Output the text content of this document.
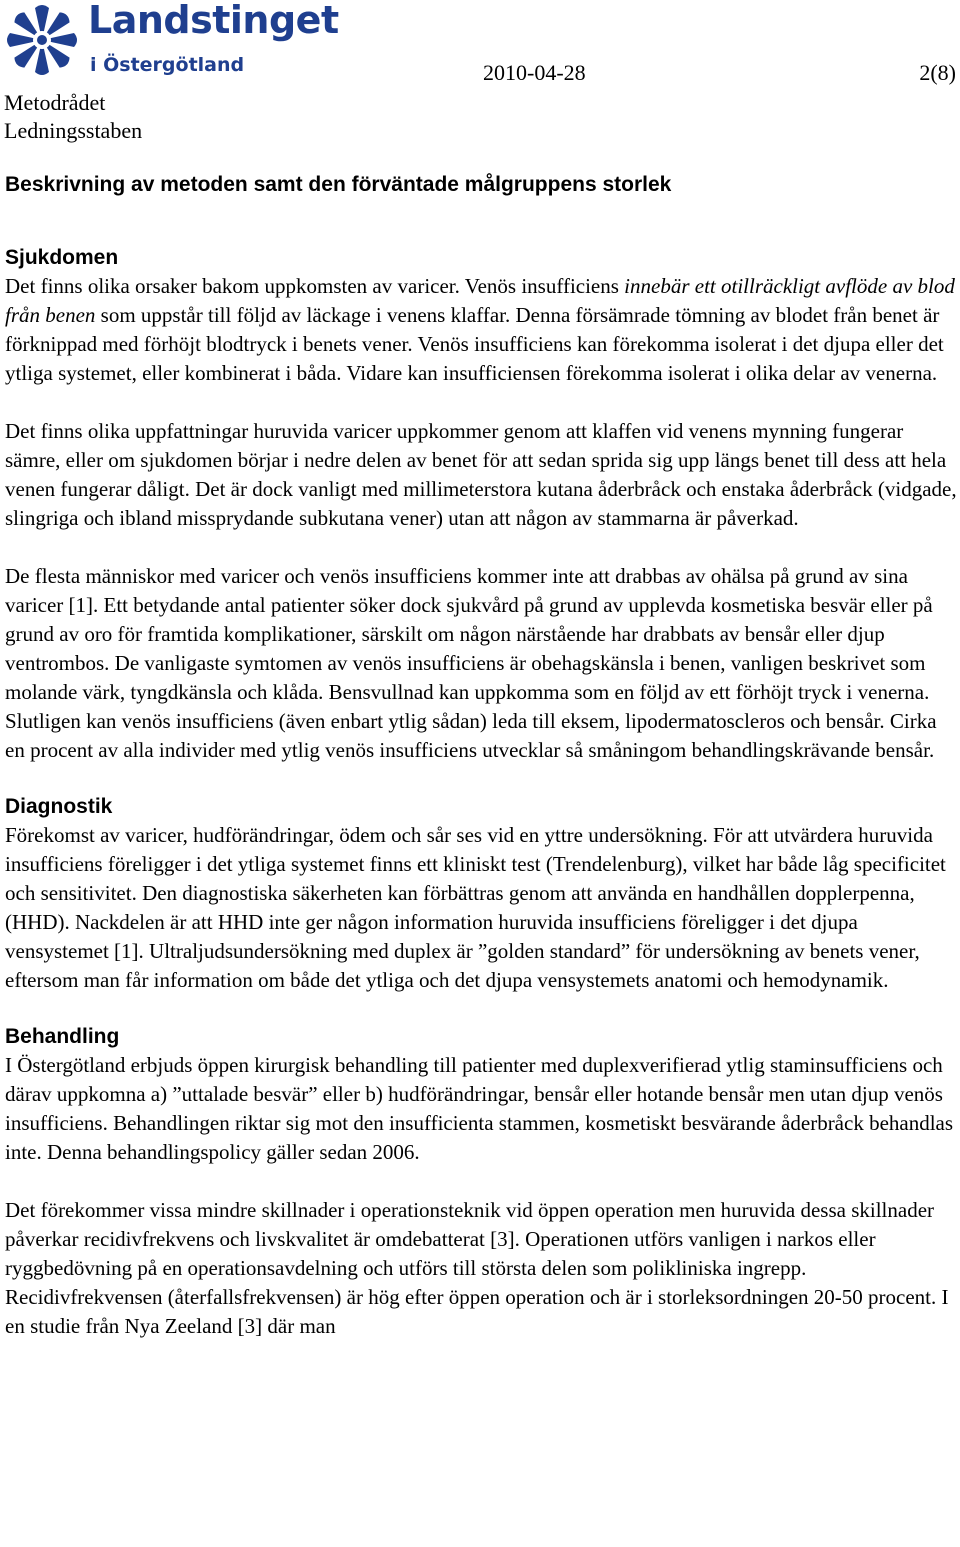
Landstinget
i Östergötland	2010-04-28	2(8)
Metodrådet
Ledningsstaben
Beskrivning av metoden samt den förväntade målgruppens storlek
Sjukdomen

Det finns olika orsaker bakom uppkomsten av varicer. Venös insufficiens innebär ett otillräckligt avflöde av blod från benen som uppstår till följd av läckage i venens klaffar. Denna försämrade tömning av blodet från benet är förknippad med förhöjt blodtryck i benets vener. Venös insufficiens kan förekomma isolerat i det djupa eller det ytliga systemet, eller kombinerat i båda. Vidare kan insufficiensen förekomma isolerat i olika delar av venerna.

Det finns olika uppfattningar huruvida varicer uppkommer genom att klaffen vid venens mynning fungerar sämre, eller om sjukdomen börjar i nedre delen av benet för att sedan sprida sig upp längs benet till dess att hela venen fungerar dåligt. Det är dock vanligt med millimeterstora kutana åderbråck och enstaka åderbråck (vidgade, slingriga och ibland missprydande subkutana vener) utan att någon av stammarna är påverkad.

De flesta människor med varicer och venös insufficiens kommer inte att drabbas av ohälsa på grund av sina varicer [1]. Ett betydande antal patienter söker dock sjukvård på grund av upplevda kosmetiska besvär eller på grund av oro för framtida komplikationer, särskilt om någon närstående har drabbats av bensår eller djup ventrombos. De vanligaste symtomen av venös insufficiens är obehagskänsla i benen, vanligen beskrivet som molande värk, tyngdkänsla och klåda. Bensvullnad kan uppkomma som en följd av ett förhöjt tryck i venerna. Slutligen kan venös insufficiens (även enbart ytlig sådan) leda till eksem, lipodermatoscleros och bensår. Cirka en procent av alla individer med ytlig venös insufficiens utvecklar så småningom behandlingskrävande bensår.

Diagnostik

Förekomst av varicer, hudförändringar, ödem och sår ses vid en yttre undersökning. För att utvärdera huruvida insufficiens föreligger i det ytliga systemet finns ett kliniskt test (Trendelenburg), vilket har både låg specificitet och sensitivitet. Den diagnostiska säkerheten kan förbättras genom att använda en handhållen dopplerpenna, (HHD). Nackdelen är att HHD inte ger någon information huruvida insufficiens föreligger i det djupa vensystemet [1]. Ultraljudsundersökning med duplex är ”golden standard” för undersökning av benets vener, eftersom man får information om både det ytliga och det djupa vensystemets anatomi och hemodynamik.

Behandling

I Östergötland erbjuds öppen kirurgisk behandling till patienter med duplexverifierad ytlig staminsufficiens och därav uppkomna a) ”uttalade besvär” eller b) hudförändringar, bensår eller hotande bensår men utan djup venös insufficiens. Behandlingen riktar sig mot den insufficienta stammen, kosmetiskt besvärande åderbråck behandlas inte. Denna behandlingspolicy gäller sedan 2006.

Det förekommer vissa mindre skillnader i operationsteknik vid öppen operation men huruvida dessa skillnader påverkar recidivfrekvens och livskvalitet är omdebatterat [3]. Operationen utförs vanligen i narkos eller ryggbedövning på en operationsavdelning och utförs till största delen som polikliniska ingrepp. Recidivfrekvensen (återfallsfrekvensen) är hög efter öppen operation och är i storleksordningen 20-50 procent. I en studie från Nya Zeeland [3] där man
